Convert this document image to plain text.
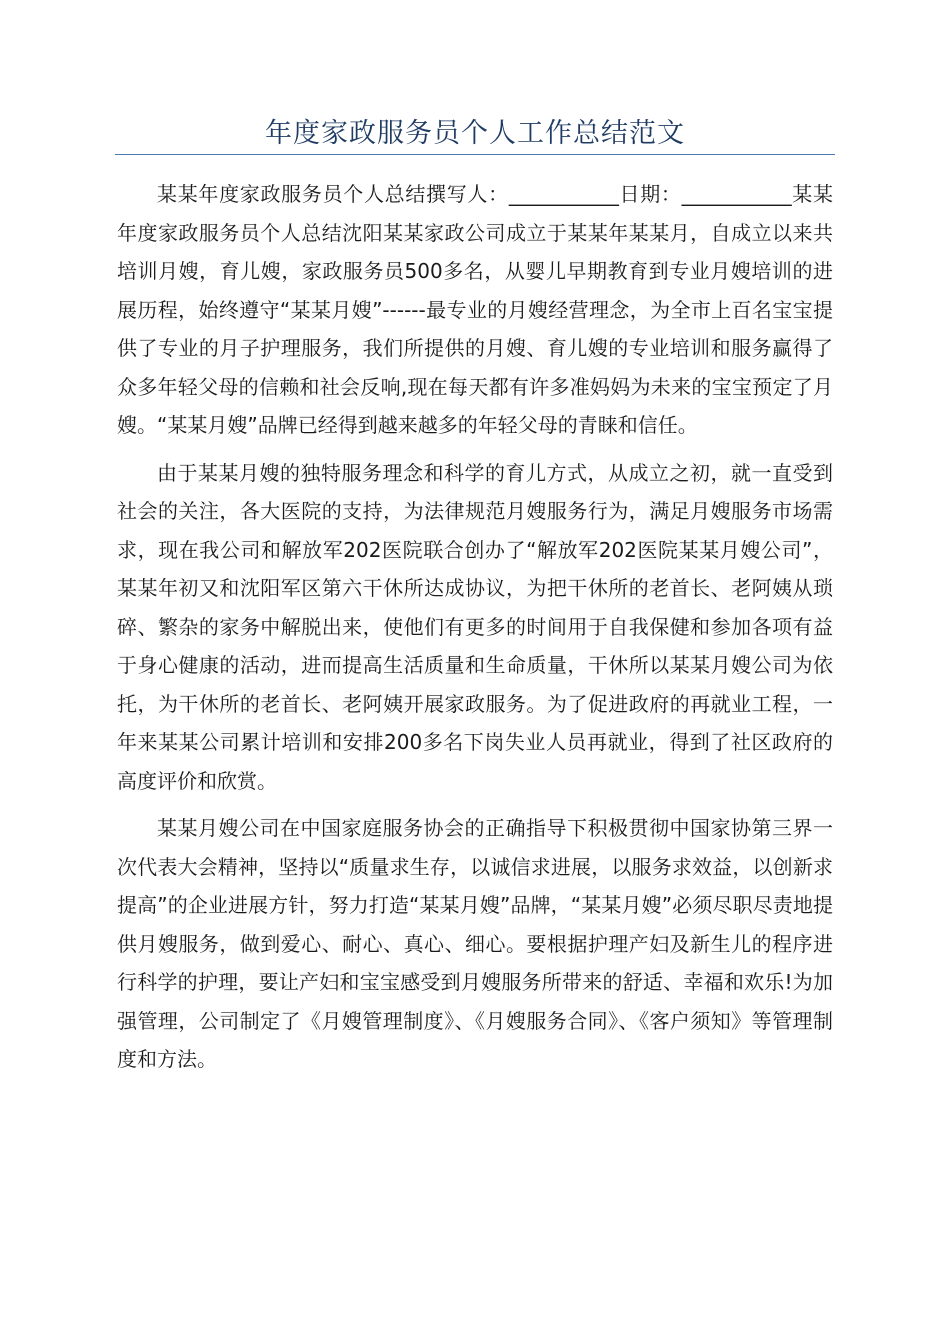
年度家政服务员个人工作总结范文

某某年度家政服务员个人总结撰写人：___________日期：___________某某年度家政服务员个人总结沈阳某某家政公司成立于某某年某某月，自成立以来共培训月嫂，育儿嫂，家政服务员500多名，从婴儿早期教育到专业月嫂培训的进展历程，始终遵守“某某月嫂”------最专业的月嫂经营理念，为全市上百名宝宝提供了专业的月子护理服务，我们所提供的月嫂、育儿嫂的专业培训和服务赢得了众多年轻父母的信赖和社会反响,现在每天都有许多准妈妈为未来的宝宝预定了月嫂。“某某月嫂”品牌已经得到越来越多的年轻父母的青睐和信任。

由于某某月嫂的独特服务理念和科学的育儿方式，从成立之初，就一直受到社会的关注，各大医院的支持，为法律规范月嫂服务行为，满足月嫂服务市场需求，现在我公司和解放军202医院联合创办了“解放军202医院某某月嫂公司”，某某年初又和沈阳军区第六干休所达成协议，为把干休所的老首长、老阿姨从琐碎、繁杂的家务中解脱出来，使他们有更多的时间用于自我保健和参加各项有益于身心健康的活动，进而提高生活质量和生命质量，干休所以某某月嫂公司为依托，为干休所的老首长、老阿姨开展家政服务。为了促进政府的再就业工程，一年来某某公司累计培训和安排200多名下岗失业人员再就业，得到了社区政府的高度评价和欣赏。

某某月嫂公司在中国家庭服务协会的正确指导下积极贯彻中国家协第三界一次代表大会精神，坚持以“质量求生存，以诚信求进展，以服务求效益，以创新求提高”的企业进展方针，努力打造“某某月嫂”品牌，“某某月嫂”必须尽职尽责地提供月嫂服务，做到爱心、耐心、真心、细心。要根据护理产妇及新生儿的程序进行科学的护理，要让产妇和宝宝感受到月嫂服务所带来的舒适、幸福和欢乐!为加强管理，公司制定了《月嫂管理制度》、《月嫂服务合同》、《客户须知》等管理制度和方法。
